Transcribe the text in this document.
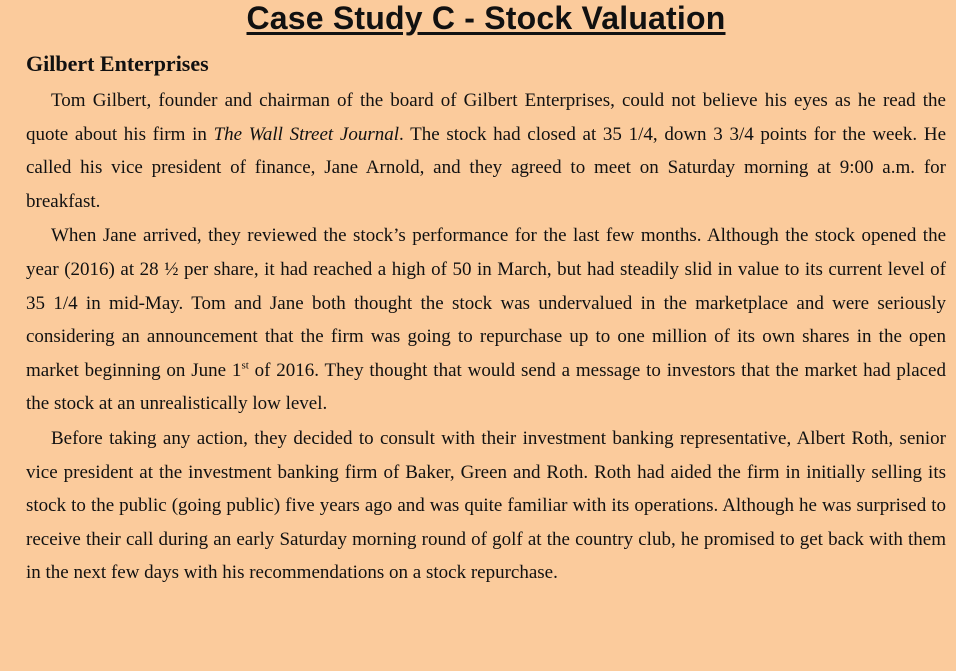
Case Study C - Stock Valuation
Gilbert Enterprises

Tom Gilbert, founder and chairman of the board of Gilbert Enterprises, could not believe his eyes as he read the quote about his firm in The Wall Street Journal. The stock had closed at 35 1/4, down 3 3/4 points for the week. He called his vice president of finance, Jane Arnold, and they agreed to meet on Saturday morning at 9:00 a.m. for breakfast.

When Jane arrived, they reviewed the stock’s performance for the last few months. Although the stock opened the year (2016) at 28 ½ per share, it had reached a high of 50 in March, but had steadily slid in value to its current level of 35 1/4 in mid-May. Tom and Jane both thought the stock was undervalued in the marketplace and were seriously considering an announcement that the firm was going to repurchase up to one million of its own shares in the open market beginning on June 1st of 2016. They thought that would send a message to investors that the market had placed the stock at an unrealistically low level.

Before taking any action, they decided to consult with their investment banking representative, Albert Roth, senior vice president at the investment banking firm of Baker, Green and Roth. Roth had aided the firm in initially selling its stock to the public (going public) five years ago and was quite familiar with its operations. Although he was surprised to receive their call during an early Saturday morning round of golf at the country club, he promised to get back with them in the next few days with his recommendations on a stock repurchase.
